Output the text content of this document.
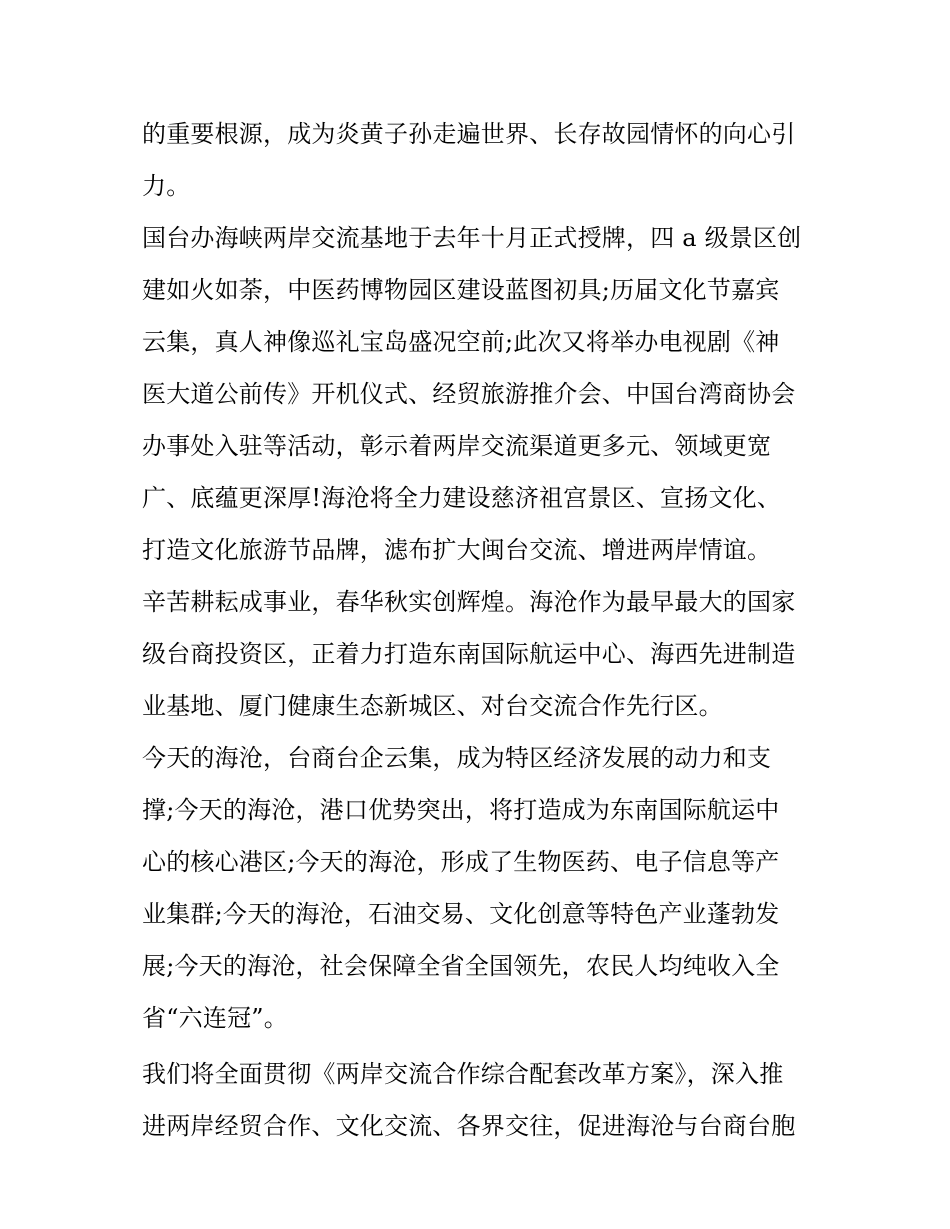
的重要根源，成为炎黄子孙走遍世界、长存故园情怀的向心引
力。
国台办海峡两岸交流基地于去年十月正式授牌，四 a 级景区创
建如火如荼，中医药博物园区建设蓝图初具;历届文化节嘉宾
云集，真人神像巡礼宝岛盛况空前;此次又将举办电视剧《神
医大道公前传》开机仪式、经贸旅游推介会、中国台湾商协会
办事处入驻等活动，彰示着两岸交流渠道更多元、领域更宽
广、底蕴更深厚!海沧将全力建设慈济祖宫景区、宣扬文化、
打造文化旅游节品牌，滤布扩大闽台交流、增进两岸情谊。
辛苦耕耘成事业，春华秋实创辉煌。海沧作为最早最大的国家
级台商投资区，正着力打造东南国际航运中心、海西先进制造
业基地、厦门健康生态新城区、对台交流合作先行区。
今天的海沧，台商台企云集，成为特区经济发展的动力和支
撑;今天的海沧，港口优势突出，将打造成为东南国际航运中
心的核心港区;今天的海沧，形成了生物医药、电子信息等产
业集群;今天的海沧，石油交易、文化创意等特色产业蓬勃发
展;今天的海沧，社会保障全省全国领先，农民人均纯收入全
省“六连冠”。
我们将全面贯彻《两岸交流合作综合配套改革方案》，深入推
进两岸经贸合作、文化交流、各界交往，促进海沧与台商台胞
